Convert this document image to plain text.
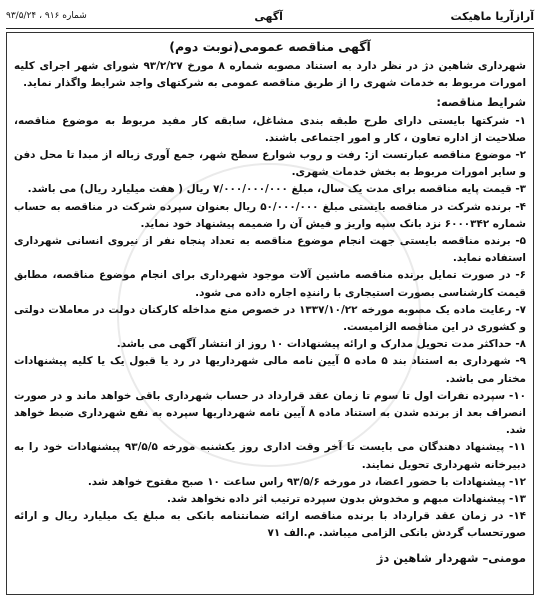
شماره ۹۱۶ ، ۹۳/۵/۲۴	آگهی	آرازآریا ماهیکت
آگهی مناقصه عمومی(نوبت دوم)

شهرداری شاهین دژ در نظر دارد به استناد مصوبه شماره ۸ مورخ ۹۳/۲/۲۷ شورای شهر اجرای کلیه امورات مربوط به خدمات شهری را از طریق مناقصه عمومی به شرکتهای واجد شرایط واگذار نماید.

شرایط مناقصه:

۱- شرکتها بایستی دارای طرح طبقه بندی مشاغل، سابقه کار مفید مربوط به موضوع مناقصه، صلاحیت از اداره تعاون ، کار و امور اجتماعی باشند.

۲- موضوع مناقصه عبارتست از: رفت و روب شوارع سطح شهر، جمع آوری زباله از مبدا تا محل دفن و سایر امورات مربوط به بخش خدمات شهری.

۳- قیمت پایه مناقصه برای مدت یک سال، مبلغ ۷/۰۰۰/۰۰۰/۰۰۰ ریال ( هفت میلیارد ریال) می باشد.

۴- برنده شرکت در مناقصه بایستی مبلغ ۵۰/۰۰۰/۰۰۰ ریال بعنوان سپرده شرکت در مناقصه به حساب شماره ۶۰۰۰۳۴۲ نزد بانک سپه واریز و فیش آن را ضمیمه پیشنهاد خود نماید.

۵- برنده مناقصه بایستی جهت انجام موضوع مناقصه به تعداد پنجاه نفر از نیروی انسانی شهرداری استفاده نماید.

۶- در صورت تمایل برنده مناقصه ماشین آلات موجود شهرداری برای انجام موضوع مناقصه، مطابق قیمت کارشناسی بصورت استیجاری با رانندِه اجاره داده می شود.

۷- رعایت ماده یک مصوبه مورخه ۱۳۳۷/۱۰/۲۲ در خصوص منع مداخله کارکنان دولت در معاملات دولتی و کشوری در این مناقصه الزامیست.

۸- حداکثر مدت تحویل مدارک و ارائه پیشنهادات ۱۰ روز از انتشار آگهی می باشد.

۹- شهرداری به استناد بند ۵ ماده ۵ آیین نامه مالی شهرداریها در رد یا قبول یک یا کلیه پیشنهادات مختار می باشد.

۱۰- سپرده نفرات اول تا سوم تا زمان عقد قرارداد در حساب شهرداری باقی خواهد ماند و در صورت انصراف بعد از برنده شدن به استناد ماده ۸ آیین نامه شهرداریها سپرده به نفع شهرداری ضبط خواهد شد.

۱۱- پیشنهاد دهندگان می بایست تا آخر وقت اداری روز یکشنبه مورخه ۹۳/۵/۵ پیشنهادات خود را به دبیرخانه شهرداری تحویل نمایند.

۱۲- پیشنهادات با حضور اعضا، در مورخه ۹۳/۵/۶ راس ساعت ۱۰ صبح مفتوح خواهد شد.

۱۳- پیشنهادات مبهم و مخدوش بدون سپرده ترتیب اثر داده نخواهد شد.

۱۴- در زمان عقد قرارداد با برنده مناقصه ارائه ضمانتنامه بانکی به مبلغ یک میلیارد ریال و ارائه صورتحساب گردش بانکی الزامی میباشد. م.الف ۷۱

مومنی– شهردار شاهین دژ
